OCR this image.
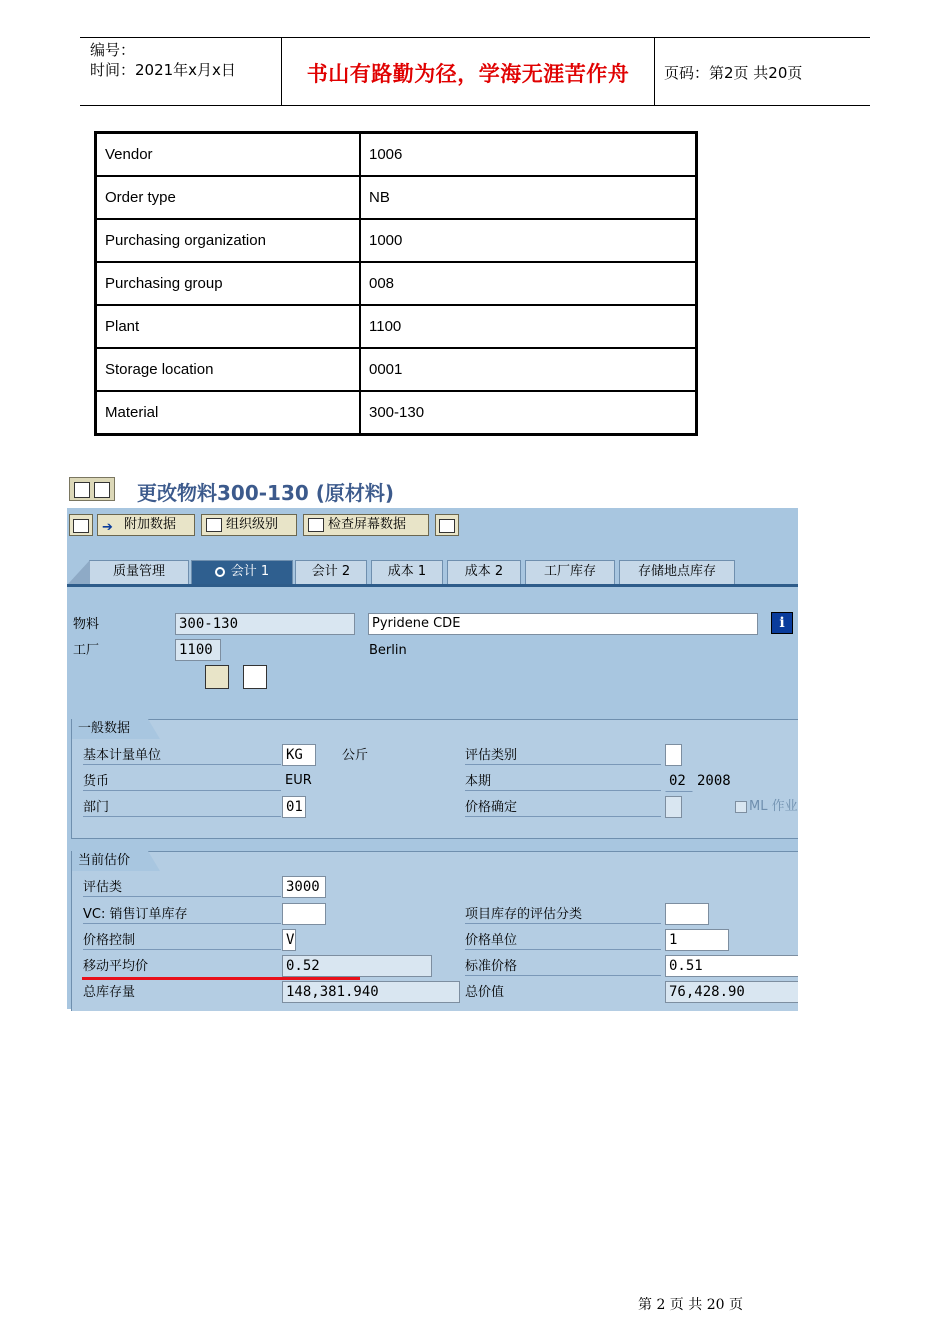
编号：
时间：2021年x月x日	书山有路勤为径，学海无涯苦作舟	页码：第2页 共20页
Vendor	1006
Order type	NB
Purchasing organization	1000
Purchasing group	008
Plant	1100
Storage location	0001
Material	300-130
更改物料300-130 (原材料)
➔ 附加数据	组织级别	检查屏幕数据
质量管理	会计 1	会计 2	成本 1	成本 2	工厂库存	存储地点库存
物料	300-130	Pyridene CDE	i
工厂	1100	Berlin
一般数据
基本计量单位	KG	公斤	评估类别
货币	EUR	本期	02 2008
部门	01	价格确定	ML 作业
当前估价
评估类	3000
VC: 销售订单库存	项目库存的评估分类
价格控制	V	价格单位	1
移动平均价	0.52	标准价格	0.51
总库存量	148,381.940	总价值	76,428.90
第 2 页 共 20 页
